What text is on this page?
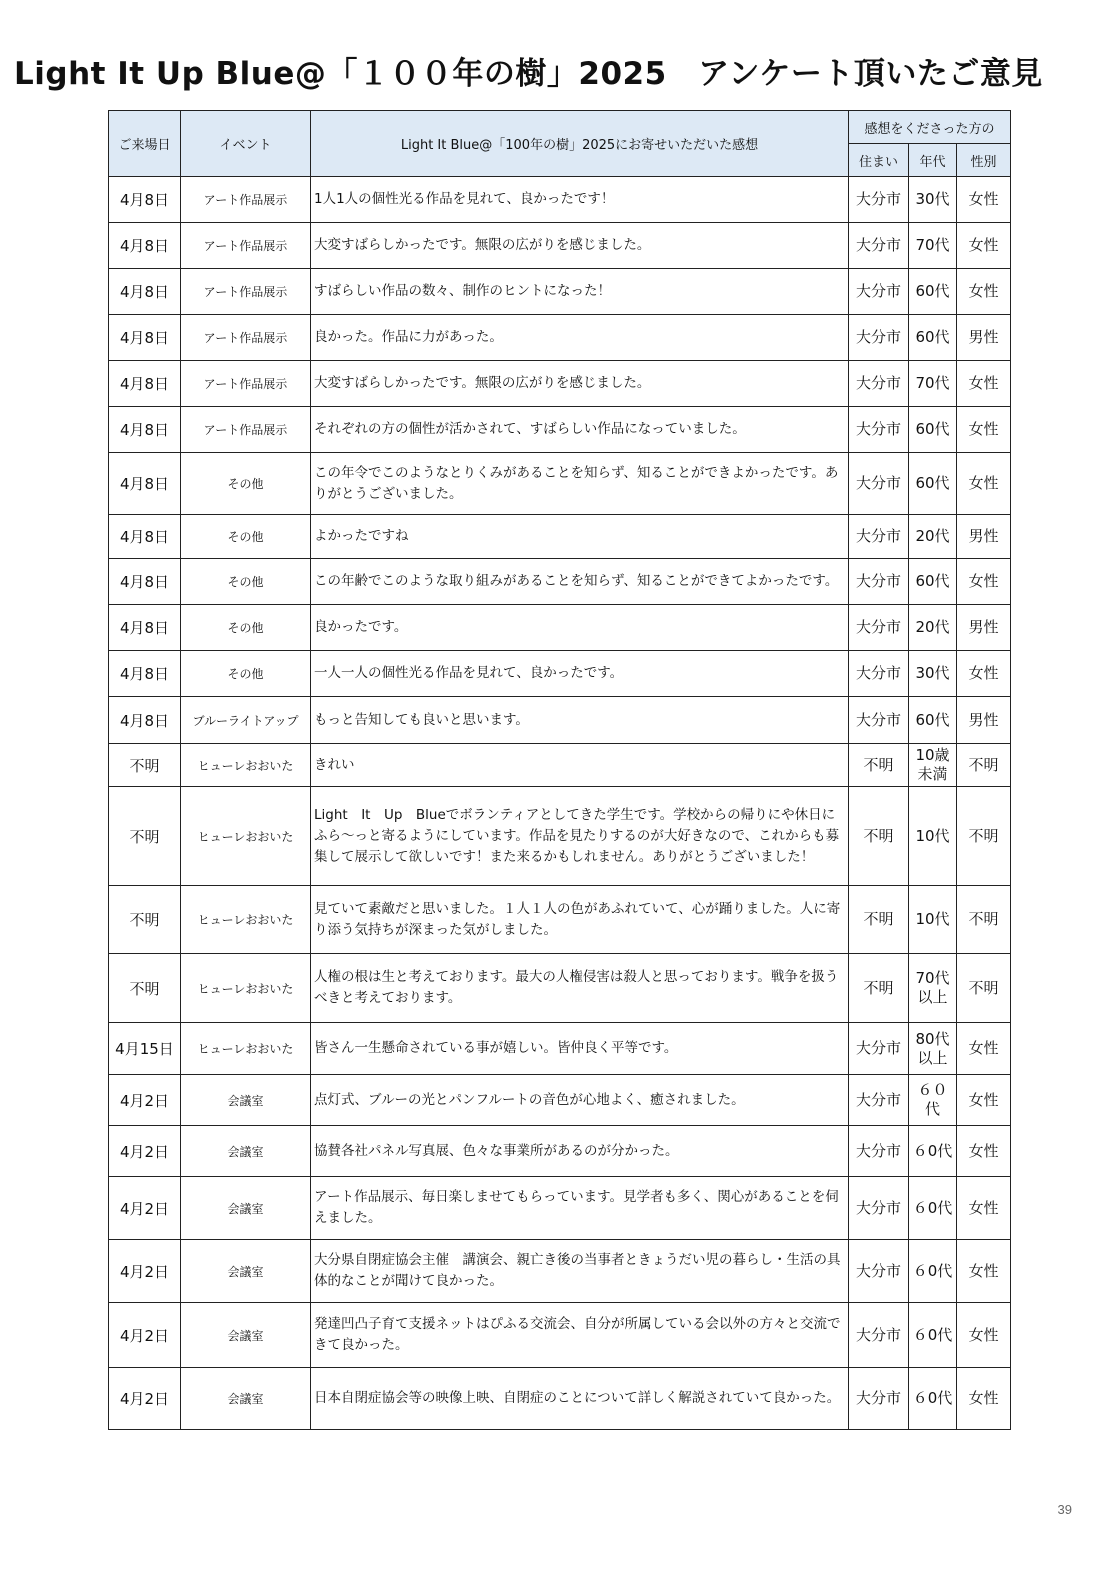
Light It Up Blue@「１００年の樹」2025　アンケート頂いたご意見
ご来場日	イベント	Light It Blue@「100年の樹」2025にお寄せいただいた感想	感想をくださった方の		
			住まい	年代	性別
4月8日	アート作品展示	1人1人の個性光る作品を見れて、良かったです！	大分市	30代	女性
4月8日	アート作品展示	大変すばらしかったです。無限の広がりを感じました。	大分市	70代	女性
4月8日	アート作品展示	すばらしい作品の数々、制作のヒントになった！	大分市	60代	女性
4月8日	アート作品展示	良かった。作品に力があった。	大分市	60代	男性
4月8日	アート作品展示	大変すばらしかったです。無限の広がりを感じました。	大分市	70代	女性
4月8日	アート作品展示	それぞれの方の個性が活かされて、すばらしい作品になっていました。	大分市	60代	女性
4月8日	その他	この年令でこのようなとりくみがあることを知らず、知ることができよかったです。ありがとうございました。	大分市	60代	女性
4月8日	その他	よかったですね	大分市	20代	男性
4月8日	その他	この年齢でこのような取り組みがあることを知らず、知ることができてよかったです。	大分市	60代	女性
4月8日	その他	良かったです。	大分市	20代	男性
4月8日	その他	一人一人の個性光る作品を見れて、良かったです。	大分市	30代	女性
4月8日	ブルーライトアップ	もっと告知しても良いと思います。	大分市	60代	男性
不明	ヒューレおおいた	きれい	不明	10歳未満	不明
不明	ヒューレおおいた	Light　It　Up　Blueでボランティアとしてきた学生です。学校からの帰りにや休日にふら〜っと寄るようにしています。作品を見たりするのが大好きなので、これからも募集して展示して欲しいです！また来るかもしれません。ありがとうございました！	不明	10代	不明
不明	ヒューレおおいた	見ていて素敵だと思いました。１人１人の色があふれていて、心が踊りました。人に寄り添う気持ちが深まった気がしました。	不明	10代	不明
不明	ヒューレおおいた	人権の根は生と考えております。最大の人権侵害は殺人と思っております。戦争を扱うべきと考えております。	不明	70代以上	不明
4月15日	ヒューレおおいた	皆さん一生懸命されている事が嬉しい。皆仲良く平等です。	大分市	80代以上	女性
4月2日	会議室	点灯式、ブルーの光とパンフルートの音色が心地よく、癒されました。	大分市	６０代	女性
4月2日	会議室	協賛各社パネル写真展、色々な事業所があるのが分かった。	大分市	６0代	女性
4月2日	会議室	アート作品展示、毎日楽しませてもらっています。見学者も多く、関心があることを伺えました。	大分市	６0代	女性
4月2日	会議室	大分県自閉症協会主催　講演会、親亡き後の当事者ときょうだい児の暮らし・生活の具体的なことが聞けて良かった。	大分市	６0代	女性
4月2日	会議室	発達凹凸子育て支援ネットはぴふる交流会、自分が所属している会以外の方々と交流できて良かった。	大分市	６0代	女性
4月2日	会議室	日本自閉症協会等の映像上映、自閉症のことについて詳しく解説されていて良かった。	大分市	６0代	女性
39
